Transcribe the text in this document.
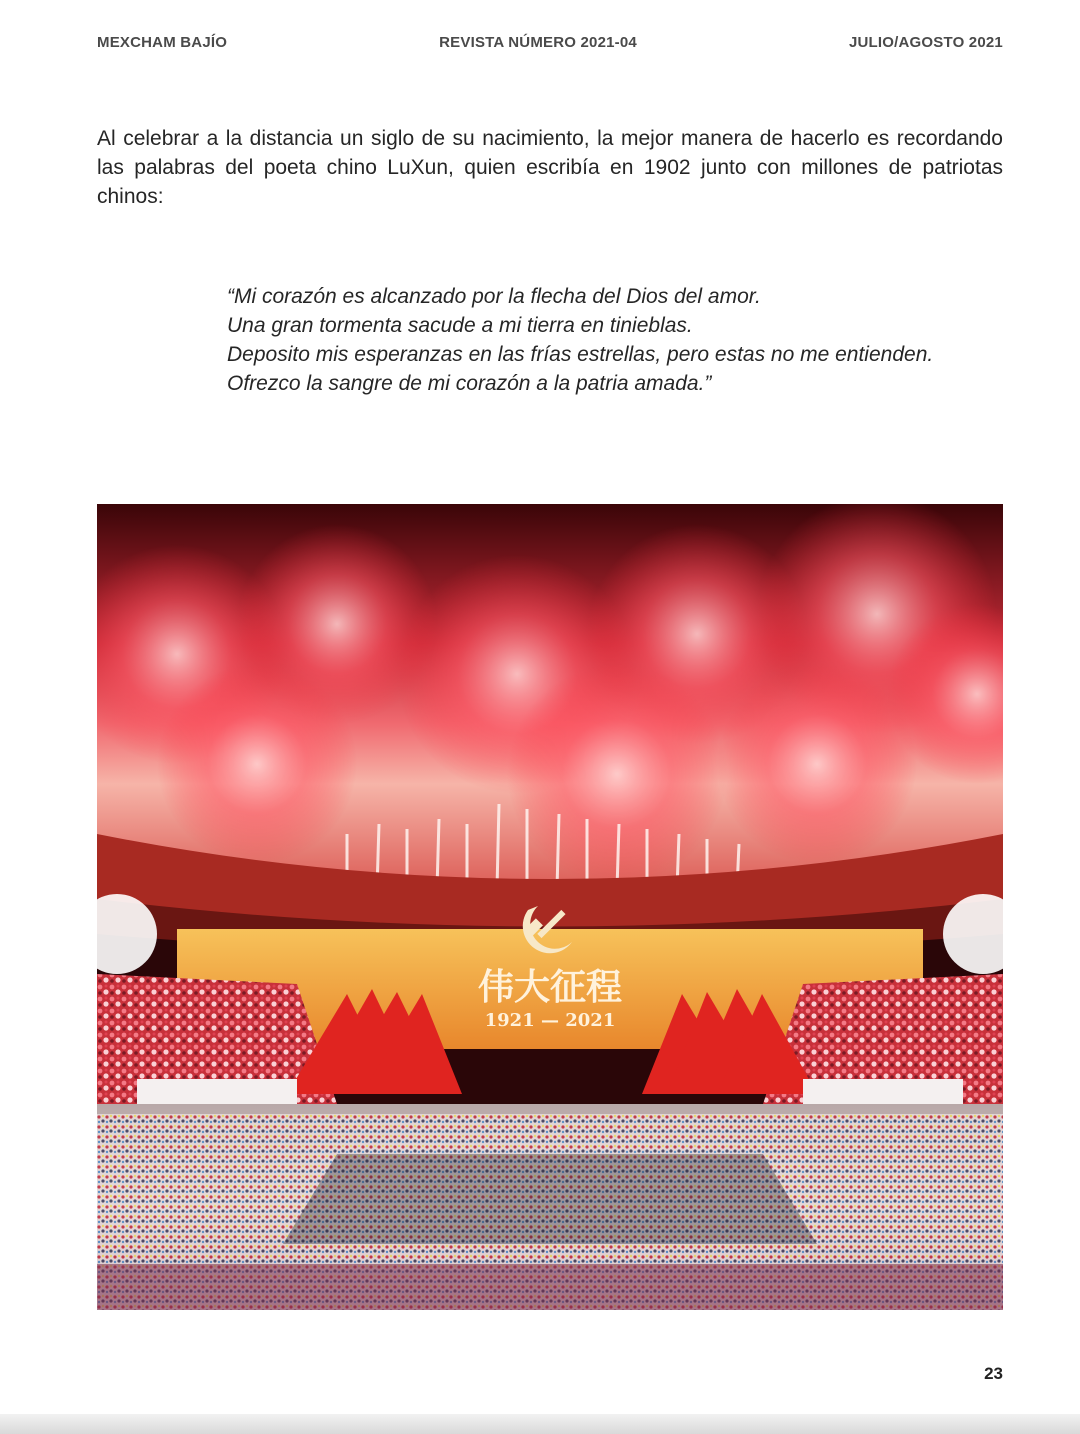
MEXCHAM BAJÍO	REVISTA NÚMERO 2021-04	JULIO/AGOSTO 2021

Al celebrar a la distancia un siglo de su nacimiento, la mejor manera de hacerlo es recordando las palabras del poeta chino LuXun, quien escribía en 1902 junto con millones de patriotas chinos:

“Mi corazón es alcanzado por la flecha del Dios del amor.
Una gran tormenta sacude a mi tierra en tinieblas.
Deposito mis esperanzas en las frías estrellas, pero estas no me entienden.
Ofrezco la sangre de mi corazón a la patria amada.”
伟大征程
1921 — 2021
23
